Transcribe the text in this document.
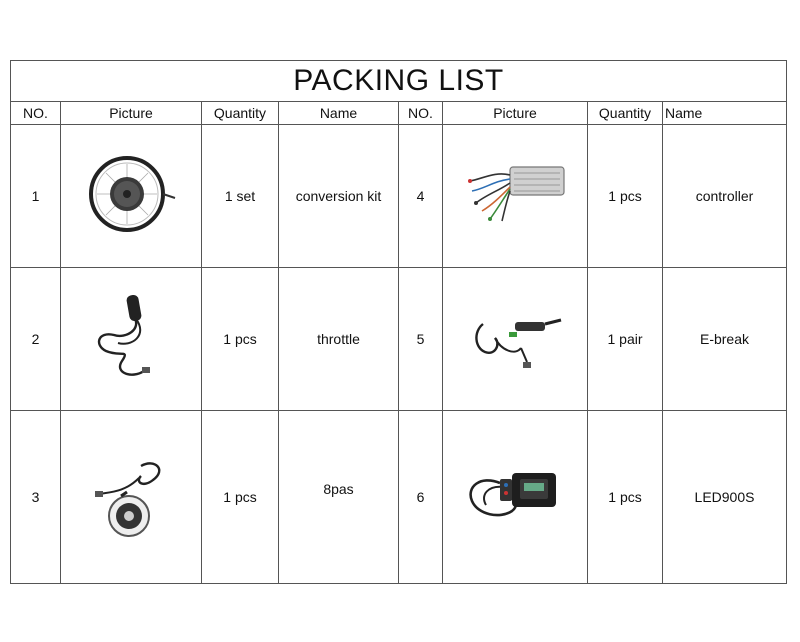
PACKING LIST							
NO.	Picture	Quantity	Name	NO.	Picture	Quantity	Name
1		1 set	conversion kit	4		1 pcs	controller
2		1 pcs	throttle	5		1 pair	E-break
3		1 pcs	8pas	6		1 pcs	LED900S
